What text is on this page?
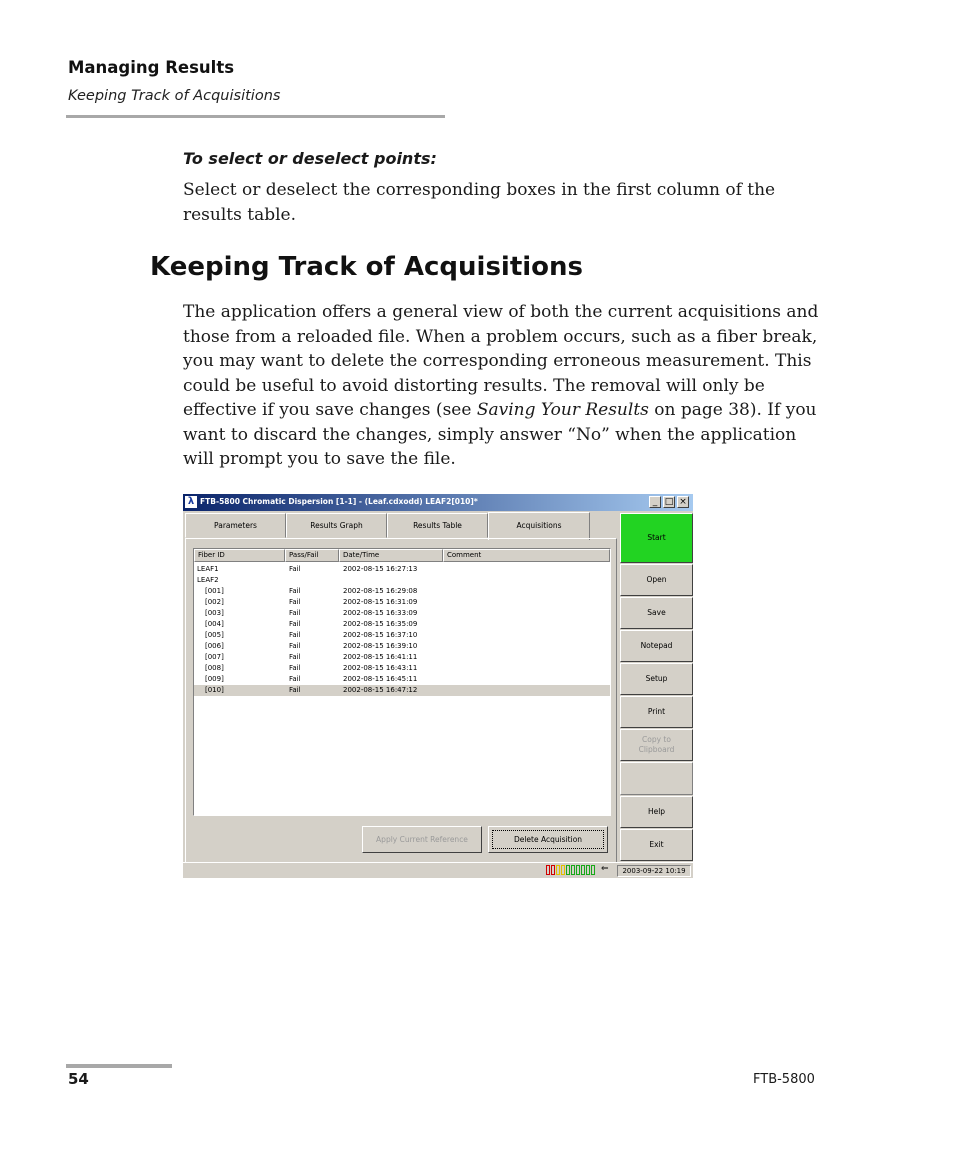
Managing Results
Keeping Track of Acquisitions
To select or deselect points:
Select or deselect the corresponding boxes in the first column of the results table.
Keeping Track of Acquisitions
The application offers a general view of both the current acquisitions and those from a reloaded file. When a problem occurs, such as a fiber break, you may want to delete the corresponding erroneous measurement. This could be useful to avoid distorting results. The removal will only be effective if you save changes (see Saving Your Results on page 38). If you want to discard the changes, simply answer “No” when the application will prompt you to save the file.
λ FTB-5800 Chromatic Dispersion [1-1] - (Leaf.cdxodd) LEAF2[010]*	_ □ ×
Parameters	Results Graph	Results Table	Acquisitions
Fiber ID	Pass/Fail	Date/Time	Comment
LEAF1	Fail	2002-08-15 16:27:13
LEAF2
[001]	Fail	2002-08-15 16:29:08
[002]	Fail	2002-08-15 16:31:09
[003]	Fail	2002-08-15 16:33:09
[004]	Fail	2002-08-15 16:35:09
[005]	Fail	2002-08-15 16:37:10
[006]	Fail	2002-08-15 16:39:10
[007]	Fail	2002-08-15 16:41:11
[008]	Fail	2002-08-15 16:43:11
[009]	Fail	2002-08-15 16:45:11
[010]	Fail	2002-08-15 16:47:12
Apply Current Reference	Delete Acquisition
Start
Open
Save
Notepad
Setup
Print
Copy to Clipboard
Help
Exit
⇐	2003-09-22 10:19
54	FTB-5800
